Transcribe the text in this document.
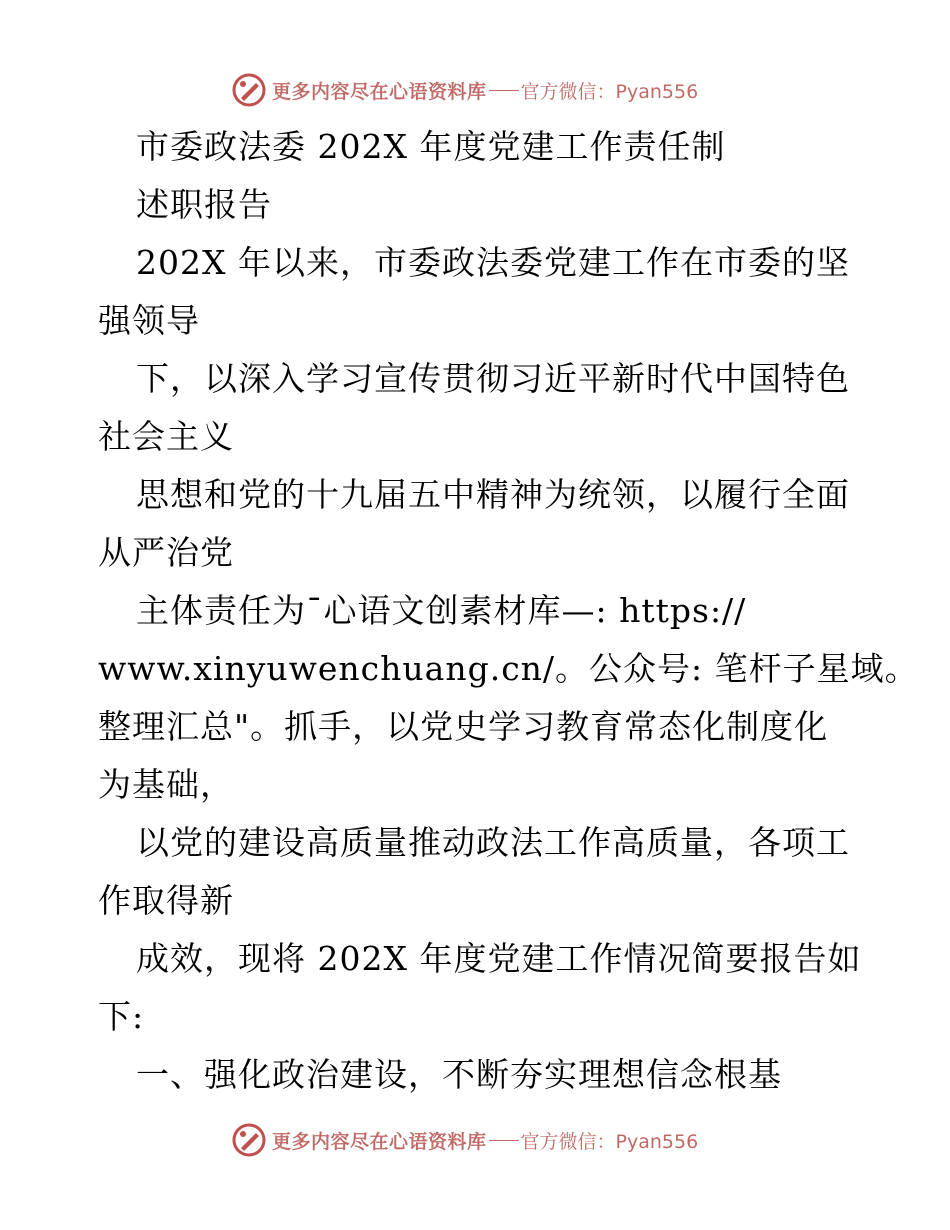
更多内容尽在心语资料库 官方微信：Pyan556
市委政法委 202X 年度党建工作责任制
述职报告
202X 年以来，市委政法委党建工作在市委的坚
强领导
下，以深入学习宣传贯彻习近平新时代中国特色
社会主义
思想和党的十九届五中精神为统领，以履行全面
从严治党
主体责任为¯心语文创素材库—: https://
www.xinyuwenchuang.cn/。公众号: 笔杆子星域。
整理汇总"。抓手，以党史学习教育常态化制度化
为基础，
以党的建设高质量推动政法工作高质量，各项工
作取得新
成效，现将 202X 年度党建工作情况简要报告如
下:
一、强化政治建设，不断夯实理想信念根基
更多内容尽在心语资料库 官方微信：Pyan556
